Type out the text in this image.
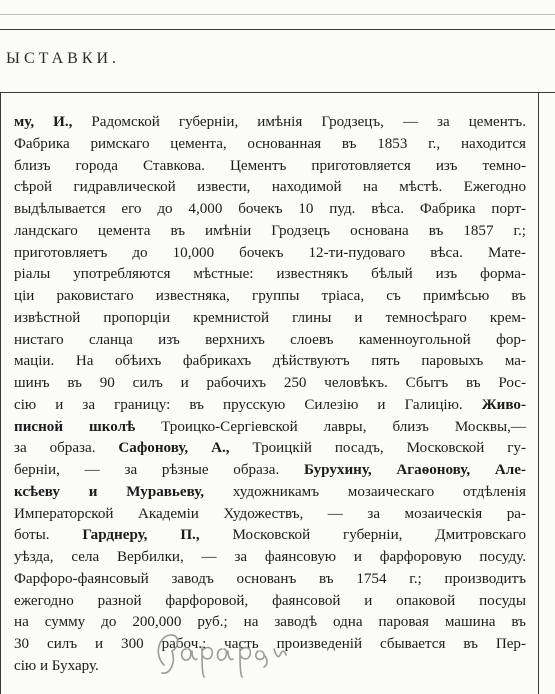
ЫСТАВКИ.
му, И., Радомской губерніи, имѣнія Гродзецъ, — за цементъ.
Фабрика римскаго цемента, основанная въ 1853 г., находится
близъ города Ставкова. Цементъ приготовляется изъ темно-
сѣрой гидравлической извести, находимой на мѣстѣ. Ежегодно
выдѣлывается его до 4,000 бочекъ 10 пуд. вѣса. Фабрика порт-
ландскаго цемента въ имѣніи Гродзецъ основана въ 1857 г.;
приготовляетъ до 10,000 бочекъ 12-ти-пудоваго вѣса. Мате-
ріалы употребляются мѣстные: известнякъ бѣлый изъ форма-
ціи раковистаго известняка, группы тріаса, съ примѣсью въ
извѣстной пропорціи кремнистой глины и темносѣраго крем-
нистаго сланца изъ верхнихъ слоевъ каменноугольной фор-
маціи. На обѣихъ фабрикахъ дѣйствуютъ пять паровыхъ ма-
шинъ въ 90 силъ и рабочихъ 250 человѣкъ. Сбытъ въ Рос-
сію и за границу: въ прусскую Силезію и Галицію. Живо-
писной школѣ Троицко-Сергіевской лавры, близъ Москвы,—
за образа. Сафонову, А., Троицкій посадъ, Московской гу-
берніи, — за рѣзные образа. Бурухину, Агаѳонову, Але-
ксѣеву и Муравьеву, художникамъ мозаическаго отдѣленія
Императорской Академіи Художествъ, — за мозаическія ра-
боты. Гарднеру, П., Московской губерніи, Дмитровскаго
уѣзда, села Вербилки, — за фаянсовую и фарфоровую посуду.
Фарфоро-фаянсовый заводъ основанъ въ 1754 г.; производитъ
ежегодно разной фарфоровой, фаянсовой и опаковой посуды
на сумму до 200,000 руб.; на заводѣ одна паровая машина въ
30 силъ и 300 рабоч.; часть произведеній сбывается въ Пер-
сію и Бухару.
